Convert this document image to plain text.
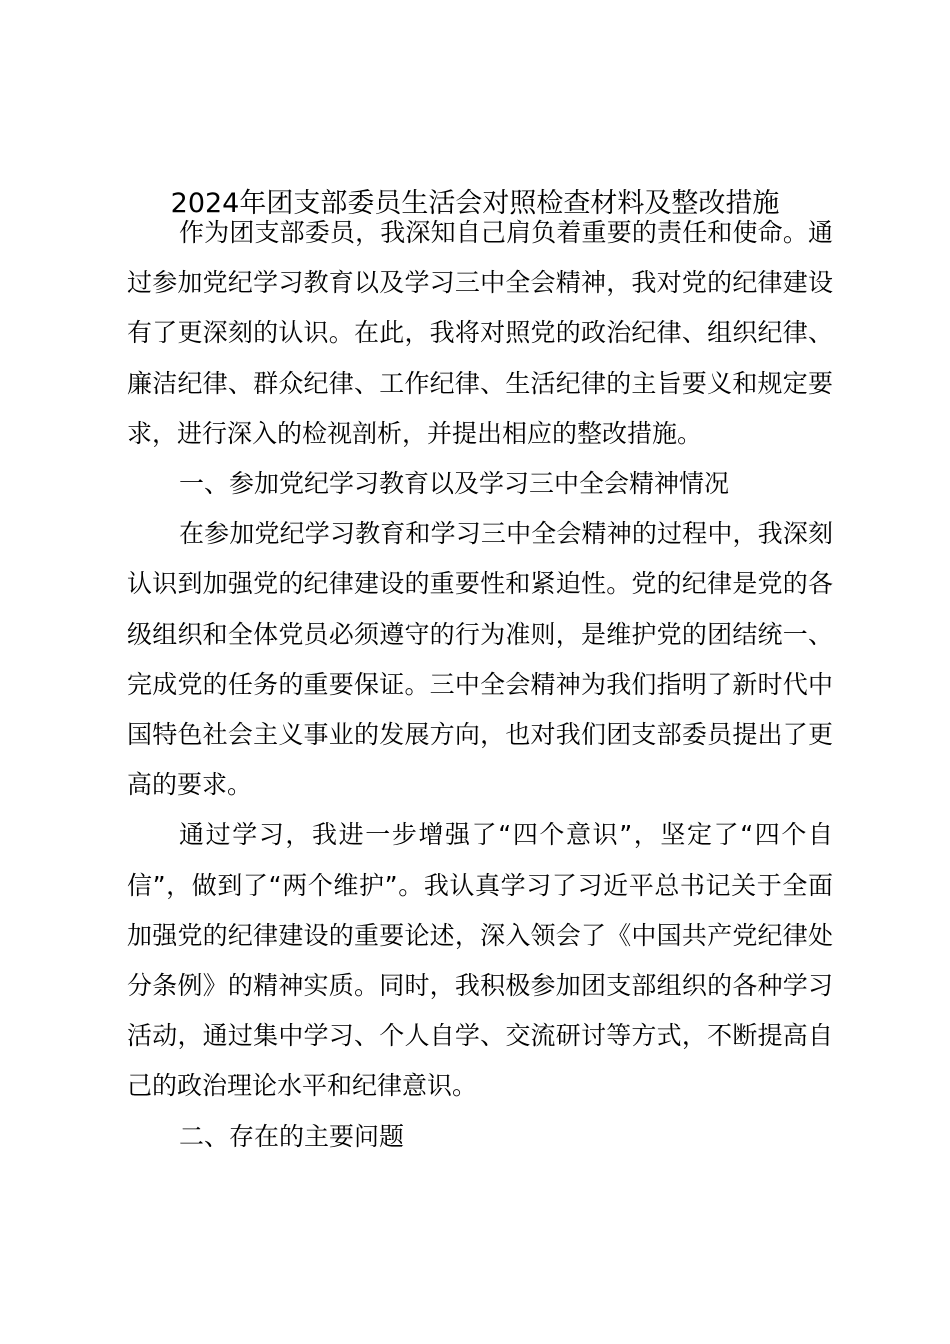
2024年团支部委员生活会对照检查材料及整改措施

作为团支部委员，我深知自己肩负着重要的责任和使命。通过参加党纪学习教育以及学习三中全会精神，我对党的纪律建设有了更深刻的认识。在此，我将对照党的政治纪律、组织纪律、廉洁纪律、群众纪律、工作纪律、生活纪律的主旨要义和规定要求，进行深入的检视剖析，并提出相应的整改措施。

一、参加党纪学习教育以及学习三中全会精神情况

在参加党纪学习教育和学习三中全会精神的过程中，我深刻认识到加强党的纪律建设的重要性和紧迫性。党的纪律是党的各级组织和全体党员必须遵守的行为准则，是维护党的团结统一、完成党的任务的重要保证。三中全会精神为我们指明了新时代中国特色社会主义事业的发展方向，也对我们团支部委员提出了更高的要求。

通过学习，我进一步增强了“四个意识”，坚定了“四个自信”，做到了“两个维护”。我认真学习了习近平总书记关于全面加强党的纪律建设的重要论述，深入领会了《中国共产党纪律处分条例》的精神实质。同时，我积极参加团支部组织的各种学习活动，通过集中学习、个人自学、交流研讨等方式，不断提高自己的政治理论水平和纪律意识。

二、存在的主要问题
